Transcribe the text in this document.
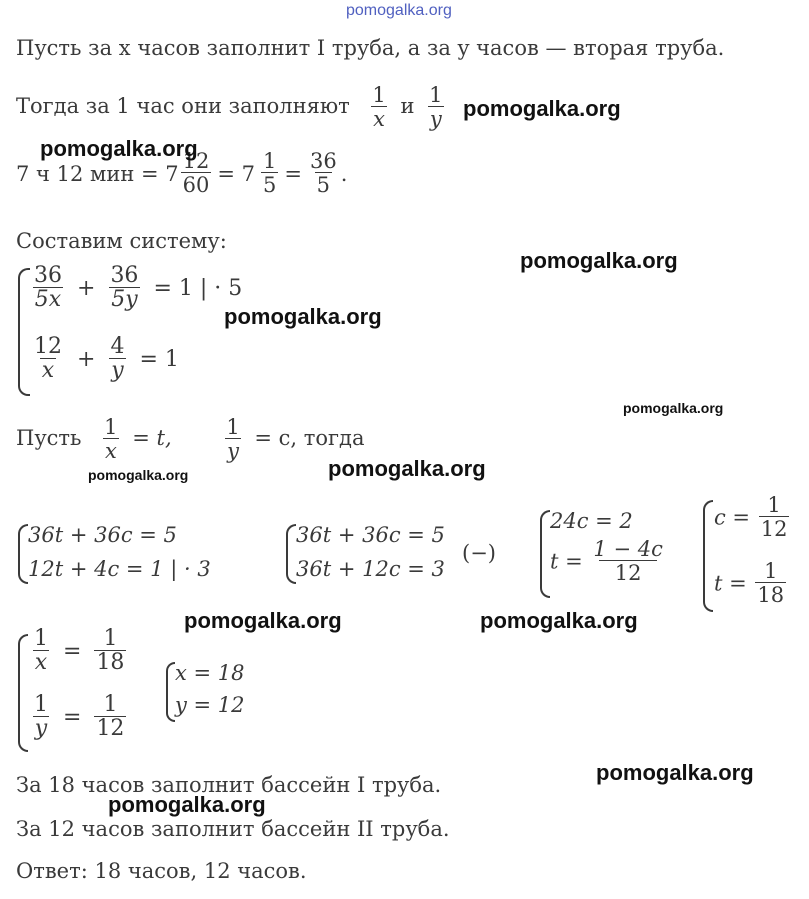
pomogalka.org
Пусть за x часов заполнит I труба, а за y часов — вторая труба.
Тогда за 1 час они заполняют $\frac{1}{x}$ и $\frac{1}{y}$
7 ч 12 мин = $7 \frac{12}{60} = 7 \frac{1}{5} = \frac{36}{5}$ .
Составим систему:
$\frac{36}{5x} + \frac{36}{5y} = 1$ | · 5
$\frac{12}{x} + \frac{4}{y} = 1$
Пусть $\frac{1}{x} = t$,	$\frac{1}{y} = c$, тогда
36t + 36c = 5
12t + 4c = 1 | · 3
36t + 36c = 5
36t + 12c = 3
(−)
24c = 2
$t = \frac{1 - 4c}{12}$
$c = \frac{1}{12}$
$t = \frac{1}{18}$
$\frac{1}{x} = \frac{1}{18}$
$\frac{1}{y} = \frac{1}{12}$
x = 18
y = 12
За 18 часов заполнит бассейн I труба.
За 12 часов заполнит бассейн II труба.
Ответ: 18 часов, 12 часов.
pomogalka.org
pomogalka.org
pomogalka.org
pomogalka.org
pomogalka.org
pomogalka.org
pomogalka.org
pomogalka.org	pomogalka.org
pomogalka.org
pomogalka.org
